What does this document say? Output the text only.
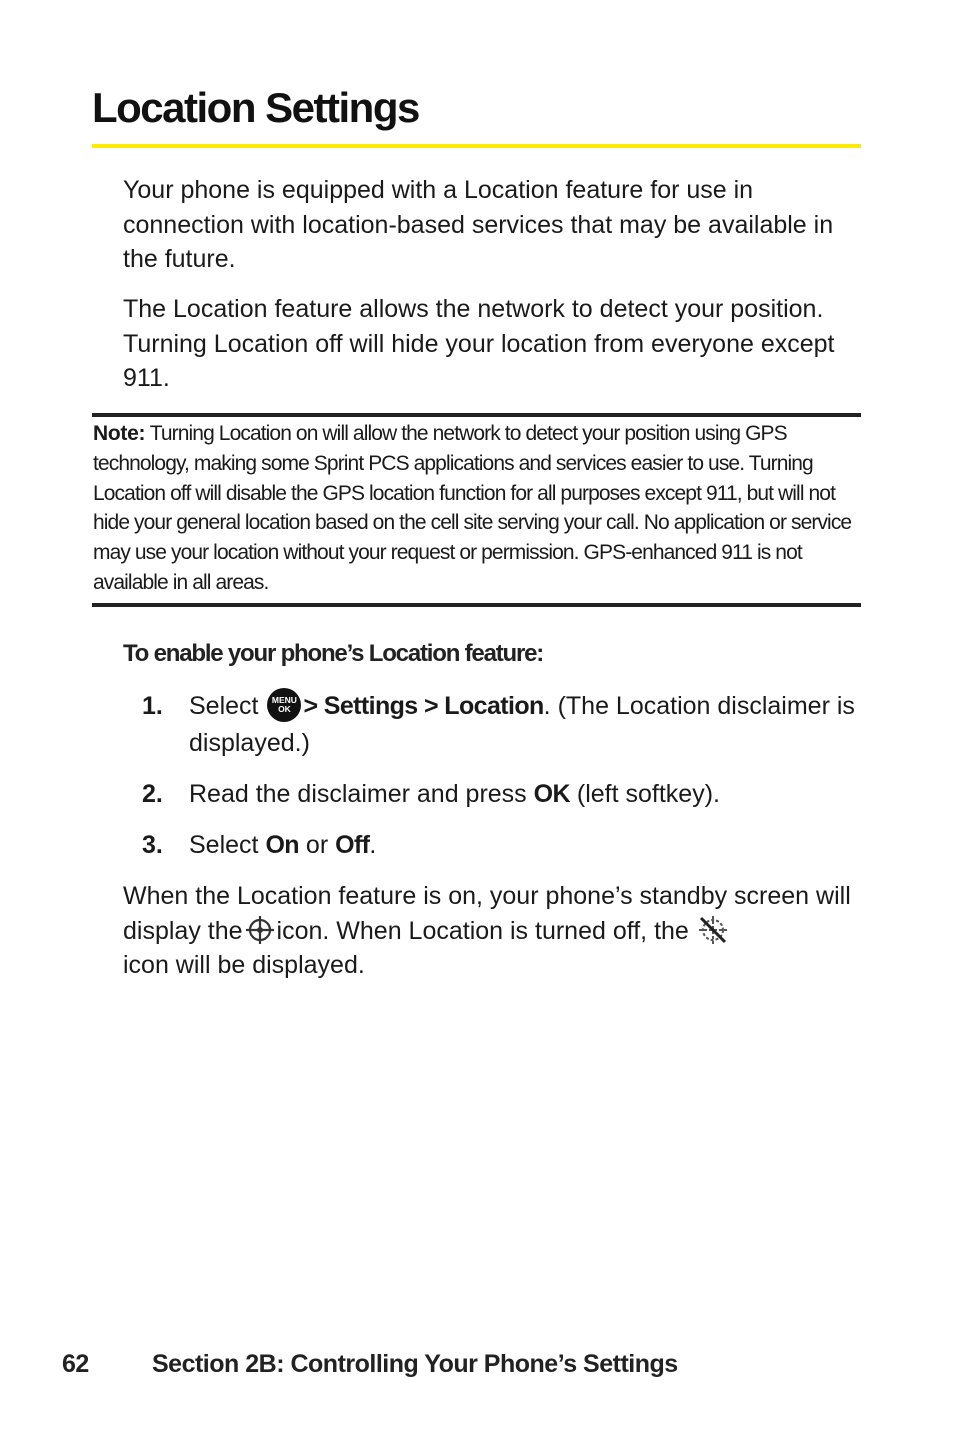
Location Settings

Your phone is equipped with a Location feature for use in connection with location-based services that may be available in the future.

The Location feature allows the network to detect your position. Turning Location off will hide your location from everyone except 911.

Note: Turning Location on will allow the network to detect your position using GPS technology, making some Sprint PCS applications and services easier to use. Turning Location off will disable the GPS location function for all purposes except 911, but will not hide your general location based on the cell site serving your call. No application or service may use your location without your request or permission. GPS-enhanced 911 is not available in all areas.

To enable your phone’s Location feature:

1. Select	MENU
OK > Settings > Location. (The Location disclaimer is displayed.)
2. Read the disclaimer and press OK (left softkey).
3. Select On or Off.

When the Location feature is on, your phone’s standby screen will display the icon. When Location is turned off, the
icon will be displayed.

62	Section 2B: Controlling Your Phone’s Settings
